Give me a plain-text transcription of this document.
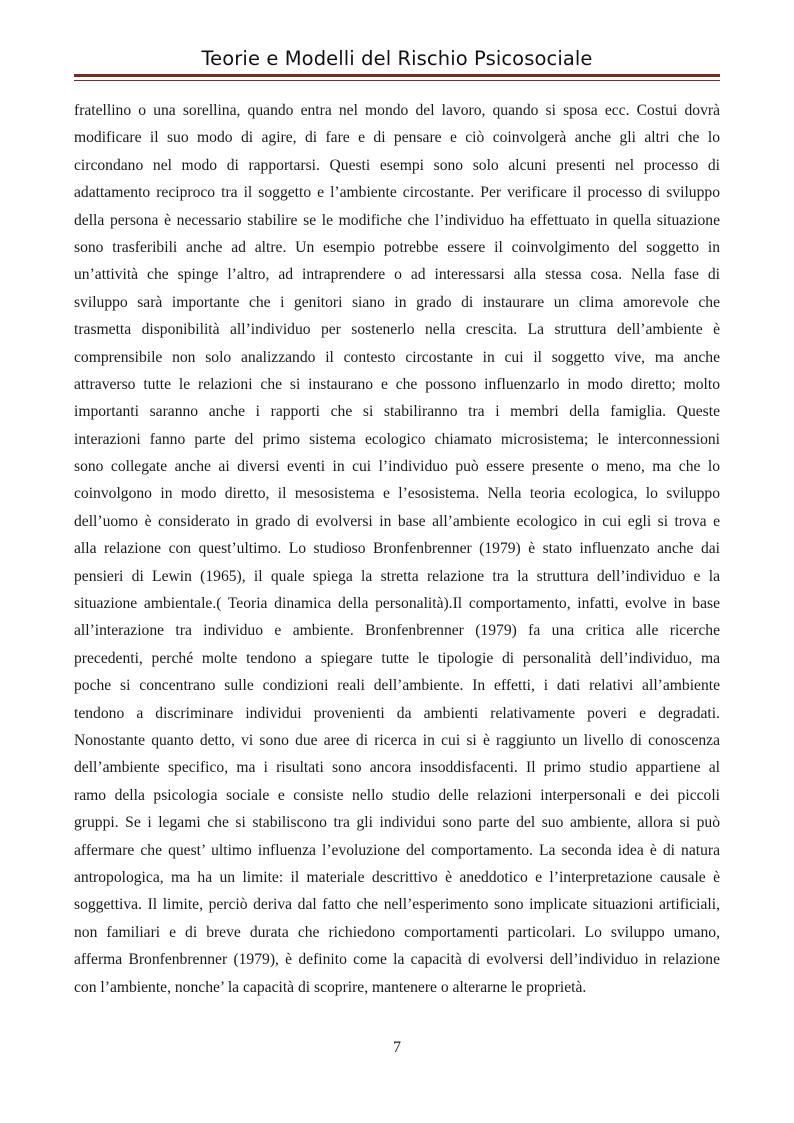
Teorie e Modelli del Rischio Psicosociale
fratellino o una sorellina, quando entra nel mondo del lavoro, quando si sposa ecc. Costui dovrà
modificare il suo modo di agire, di fare e di pensare e ciò coinvolgerà anche gli altri che lo
circondano nel modo di rapportarsi. Questi esempi sono solo alcuni presenti nel processo di
adattamento reciproco tra il soggetto e l’ambiente circostante. Per verificare il processo di sviluppo
della persona è necessario stabilire se le modifiche che l’individuo ha effettuato in quella situazione
sono trasferibili anche ad altre. Un esempio potrebbe essere il coinvolgimento del soggetto in
un’attività che spinge l’altro, ad intraprendere o ad interessarsi alla stessa cosa. Nella fase di
sviluppo sarà importante che i genitori siano in grado di instaurare un clima amorevole che
trasmetta disponibilità all’individuo per sostenerlo nella crescita. La struttura dell’ambiente è
comprensibile non solo analizzando il contesto circostante in cui il soggetto vive, ma anche
attraverso tutte le relazioni che si instaurano e che possono influenzarlo in modo diretto; molto
importanti saranno anche i rapporti che si stabiliranno tra i membri della famiglia. Queste
interazioni fanno parte del primo sistema ecologico chiamato microsistema; le interconnessioni
sono collegate anche ai diversi eventi in cui l’individuo può essere presente o meno, ma che lo
coinvolgono in modo diretto, il mesosistema e l’esosistema. Nella teoria ecologica, lo sviluppo
dell’uomo è considerato in grado di evolversi in base all’ambiente ecologico in cui egli si trova e
alla relazione con quest’ultimo. Lo studioso Bronfenbrenner (1979) è stato influenzato anche dai
pensieri di Lewin (1965), il quale spiega la stretta relazione tra la struttura dell’individuo e la
situazione ambientale.( Teoria dinamica della personalità).Il comportamento, infatti, evolve in base
all’interazione tra individuo e ambiente. Bronfenbrenner (1979) fa una critica alle ricerche
precedenti, perché molte tendono a spiegare tutte le tipologie di personalità dell’individuo, ma
poche si concentrano sulle condizioni reali dell’ambiente. In effetti, i dati relativi all’ambiente
tendono a discriminare individui provenienti da ambienti relativamente poveri e degradati.
Nonostante quanto detto, vi sono due aree di ricerca in cui si è raggiunto un livello di conoscenza
dell’ambiente specifico, ma i risultati sono ancora insoddisfacenti. Il primo studio appartiene al
ramo della psicologia sociale e consiste nello studio delle relazioni interpersonali e dei piccoli
gruppi. Se i legami che si stabiliscono tra gli individui sono parte del suo ambiente, allora si può
affermare che quest’ ultimo influenza l’evoluzione del comportamento. La seconda idea è di natura
antropologica, ma ha un limite: il materiale descrittivo è aneddotico e l’interpretazione causale è
soggettiva. Il limite, perciò deriva dal fatto che nell’esperimento sono implicate situazioni artificiali,
non familiari e di breve durata che richiedono comportamenti particolari. Lo sviluppo umano,
afferma Bronfenbrenner (1979), è definito come la capacità di evolversi dell’individuo in relazione
con l’ambiente, nonche’ la capacità di scoprire, mantenere o alterarne le proprietà.
7
